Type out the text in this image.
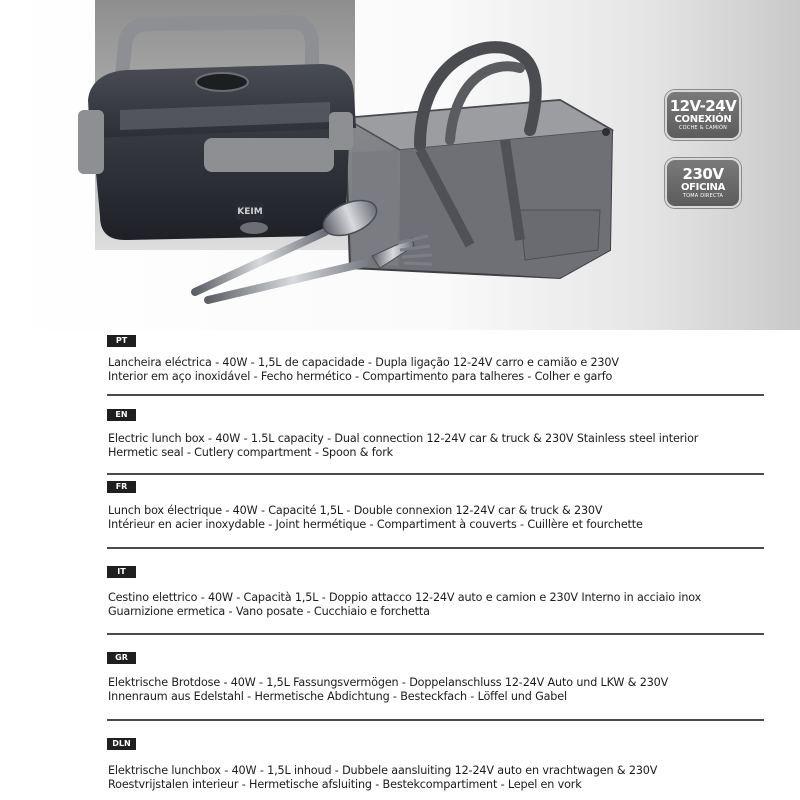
KEIM
12V-24V
CONEXIÓN
COCHE & CAMIÓN
230V
OFICINA
TOMA DIRECTA
PT
Lancheira eléctrica - 40W - 1,5L de capacidade - Dupla ligação 12-24V carro e camião e 230V
Interior em aço inoxidável - Fecho hermético - Compartimento para talheres - Colher e garfo
EN
Electric lunch box - 40W - 1.5L capacity - Dual connection 12-24V car & truck & 230V Stainless steel interior
Hermetic seal - Cutlery compartment - Spoon & fork
FR
Lunch box électrique - 40W - Capacité 1,5L - Double connexion 12-24V car & truck & 230V
Intérieur en acier inoxydable - Joint hermétique - Compartiment à couverts - Cuillère et fourchette
IT
Cestino elettrico - 40W - Capacità 1,5L - Doppio attacco 12-24V auto e camion e 230V Interno in acciaio inox
Guarnizione ermetica - Vano posate - Cucchiaio e forchetta
GR
Elektrische Brotdose - 40W - 1,5L Fassungsvermögen - Doppelanschluss 12-24V Auto und LKW & 230V
Innenraum aus Edelstahl - Hermetische Abdichtung - Besteckfach - Löffel und Gabel
DLN
Elektrische lunchbox - 40W - 1,5L inhoud - Dubbele aansluiting 12-24V auto en vrachtwagen & 230V
Roestvrijstalen interieur - Hermetische afsluiting - Bestekcompartiment - Lepel en vork
